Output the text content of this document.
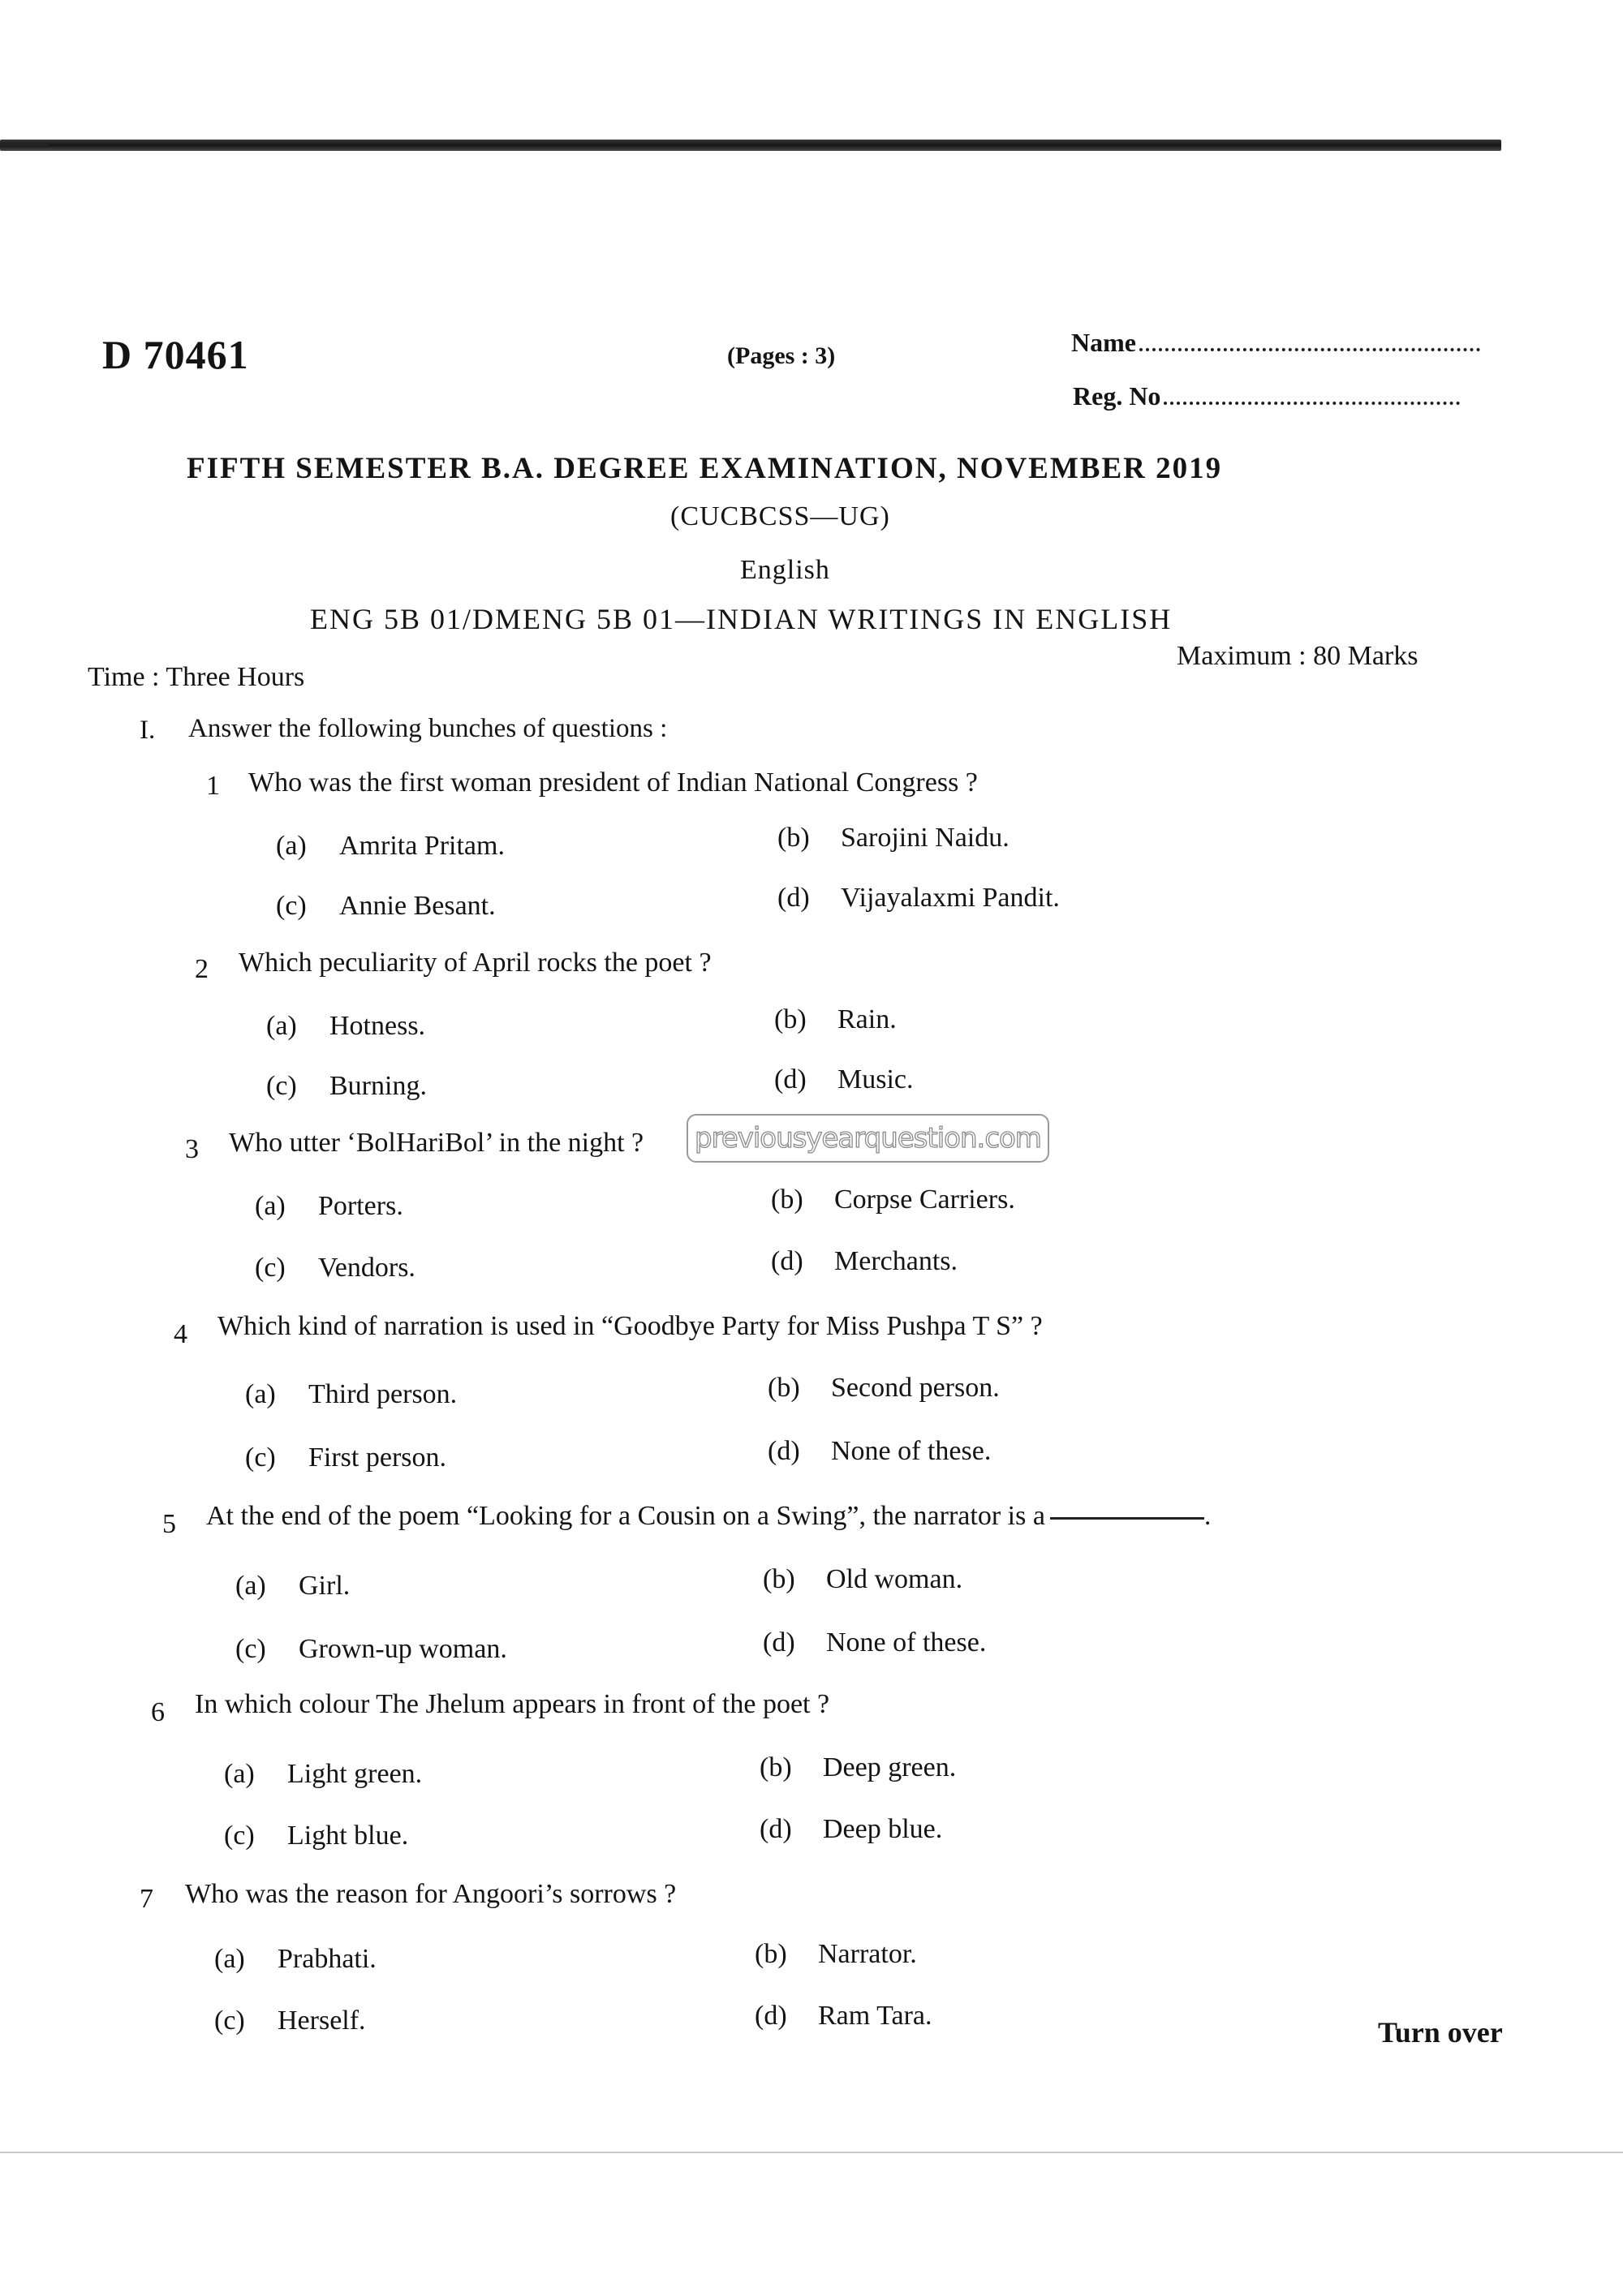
D 70461	(Pages : 3)	Name
Reg. No
FIFTH SEMESTER B.A. DEGREE EXAMINATION, NOVEMBER 2019
(CUCBCSS—UG)
English
ENG 5B 01/DMENG 5B 01—INDIAN WRITINGS IN ENGLISH
Maximum : 80 Marks
Time : Three Hours
I. Answer the following bunches of questions :
1 Who was the first woman president of Indian National Congress ?
(a) Amrita Pritam.	(b) Sarojini Naidu.
(c) Annie Besant.	(d) Vijayalaxmi Pandit.
2 Which peculiarity of April rocks the poet ?
(a) Hotness.	(b) Rain.
(c) Burning.	(d) Music.
3 Who utter ‘BolHariBol’ in the night ?
(a) Porters.	(b) Corpse Carriers.
(c) Vendors.	(d) Merchants.
4 Which kind of narration is used in “Goodbye Party for Miss Pushpa T S” ?
(a) Third person.	(b) Second person.
(c) First person.	(d) None of these.
5 At the end of the poem “Looking for a Cousin on a Swing”, the narrator is a	.
(a) Girl.	(b) Old woman.
(c) Grown-up woman.	(d) None of these.
6 In which colour The Jhelum appears in front of the poet ?
(a) Light green.	(b) Deep green.
(c) Light blue.	(d) Deep blue.
7 Who was the reason for Angoori’s sorrows ?
(a) Prabhati.	(b) Narrator.
(c) Herself.	(d) Ram Tara.
previousyearquestion.com
Turn over
